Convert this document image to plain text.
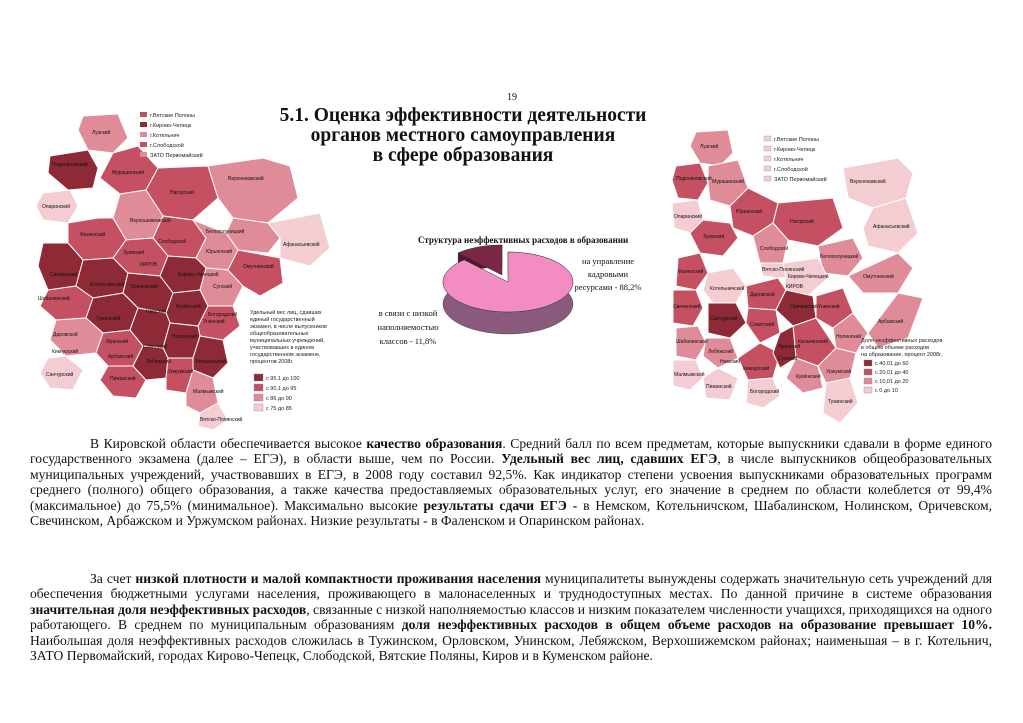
19
5.1. Оценка эффективности деятельности
органов местного самоуправления
в сфере образования
Лузский
Подосиновский
Опаринский
Мурашинский
Верхошижемский
Нагорский
Белохолуницкий
Слободской
Кирово-Чепецкий
Зуевский
Фаленский
Омутнинский
Юрьянский
Котельничский
Свечинский
Шабалинский
Даровской
Оричевский
Унинский
Нолинский
Кильмезский
Уржумский
Малмыжский
Санчурский
Лебяжский
Советский
Кикнурский
Пижанский
Яранский
Тужинский
Вятско-Полянский
Кумёнский
Богородский
Арбажский
Верхнекамский
Афанасьевский
КИРОВ
Немский
Сунский
г.Вятские Поляны
г.Кирово-Чепецк
г.Котельнич
г.Слободской
ЗАТО Первомайский
Удельный вес лиц, сдавших
единый государственный
экзамен, в числе выпускников
общеобразовательных
муниципальных учреждений,
участвовавших в едином
государственном экзамене,
процентов 2008г.
с 95,1 до 100
с 90,1 до 95
с 86 до 90
с 75 до 85
Лузский
Подосиновский
Опаринский
Мурашинский	Верхнекамский
Нагорский
Белохолуницкий
Афанасьевский
Юрьянский
Слободской
Омутнинский
Зуевский
Фаленский
Кирово-Чепецкий
Котельничский
Свечинский
Шабалинский
Даровской
Оричевский Унинский
Нолинский
Кильмезский
Уржумский
Малмыжский
Санчурский
Советский
Лебяжский
Кикнурский
Пижанский
Яранский
Тужинский
Вятско-Полянский
Кумёнский
Богородский
Арбажский
Сунский
КИРОВ
Немский
г.Вятские Поляны
г.Кирово-Чепецк
г.Котельнич
г.Слободской
ЗАТО Первомайский
Доля неэффективных расходов
в общем объеме расходов
на образование, процент 2008г.
с 40,01 до 60
с 20,01 до 40
с 10,01 до 20
с 0 до 10
Структура неэффективных расходов в образовании
на управление
кадровыми
ресурсами - 88,2%
в связи с низкой
наполняемостью
классов - 11,8%

В Кировской области обеспечивается высокое качество образования. Средний балл по всем предметам, которые выпускники сдавали в форме единого государственного экзамена (далее – ЕГЭ), в области выше, чем по России. Удельный вес лиц, сдавших ЕГЭ, в числе выпускников общеобразовательных муниципальных учреждений, участвовавших в ЕГЭ, в 2008 году составил 92,5%. Как индикатор степени усвоения выпускниками образовательных программ среднего (полного) общего образования, а также качества предоставляемых образовательных услуг, его значение в среднем по области колеблется от 99,4% (максимальное) до 75,5% (минимальное). Максимально высокие результаты сдачи ЕГЭ - в Немском, Котельничском, Шабалинском, Нолинском, Оричевском, Свечинском, Арбажском и Уржумском районах. Низкие результаты - в Фаленском и Опаринском районах.

За счет низкой плотности и малой компактности проживания населения муниципалитеты вынуждены содержать значительную сеть учреждений для обеспечения бюджетными услугами населения, проживающего в малонаселенных и труднодоступных местах. По данной причине в системе образования значительная доля неэффективных расходов, связанные с низкой наполняемостью классов и низким показателем численности учащихся, приходящихся на одного работающего. В среднем по муниципальным образованиям доля неэффективных расходов в общем объеме расходов на образование превышает 10%. Наибольшая доля неэффективных расходов сложилась в Тужинском, Орловском, Унинском, Лебяжском, Верхошижемском районах; наименьшая – в г. Котельнич, ЗАТО Первомайский, городах Кирово-Чепецк, Слободской, Вятские Поляны, Киров и в Куменском районе.
